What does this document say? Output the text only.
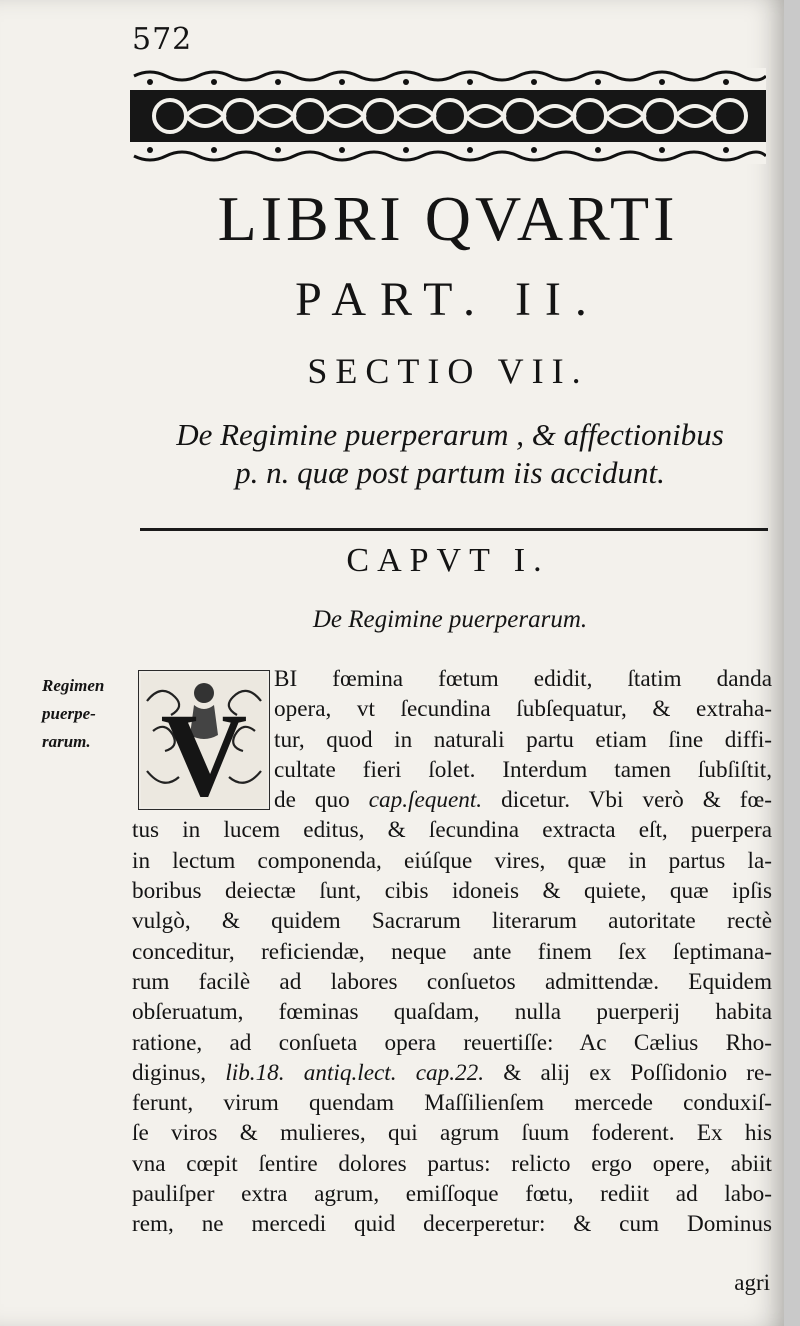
572
LIBRI QVARTI
PART. II.
SECTIO VII.
De Regimine puerperarum , & affectionibus
p. n. quæ post partum iis accidunt.
CAPVT I.
De Regimine puerperarum.
Regimen puerpe-rarum. V
BI fœmina fœtum edidit, ſtatim danda
opera, vt ſecundina ſubſequatur, & extraha-
tur, quod in naturali partu etiam ſine diffi-
cultate fieri ſolet. Interdum tamen ſubſiſtit,
de quo cap.ſequent. dicetur. Vbi verò & fœ-
tus in lucem editus, & ſecundina extracta eſt, puerpera
in lectum componenda, eiúſque vires, quæ in partus la-
boribus deiectæ ſunt, cibis idoneis & quiete, quæ ipſis
vulgò, & quidem Sacrarum literarum autoritate rectè
conceditur, reficiendæ, neque ante finem ſex ſeptimana-
rum facilè ad labores conſuetos admittendæ. Equidem
obſeruatum, fœminas quaſdam, nulla puerperij habita
ratione, ad conſueta opera reuertiſſe: Ac Cælius Rho-
diginus, lib.18. antiq.lect. cap.22. & alij ex Poſſidonio re-
ferunt, virum quendam Maſſilienſem mercede conduxiſ-
ſe viros & mulieres, qui agrum ſuum foderent. Ex his
vna cœpit ſentire dolores partus: relicto ergo opere, abiit
pauliſper extra agrum, emiſſoque fœtu, rediit ad labo-
rem, ne mercedi quid decerperetur: & cum Dominus
agri
